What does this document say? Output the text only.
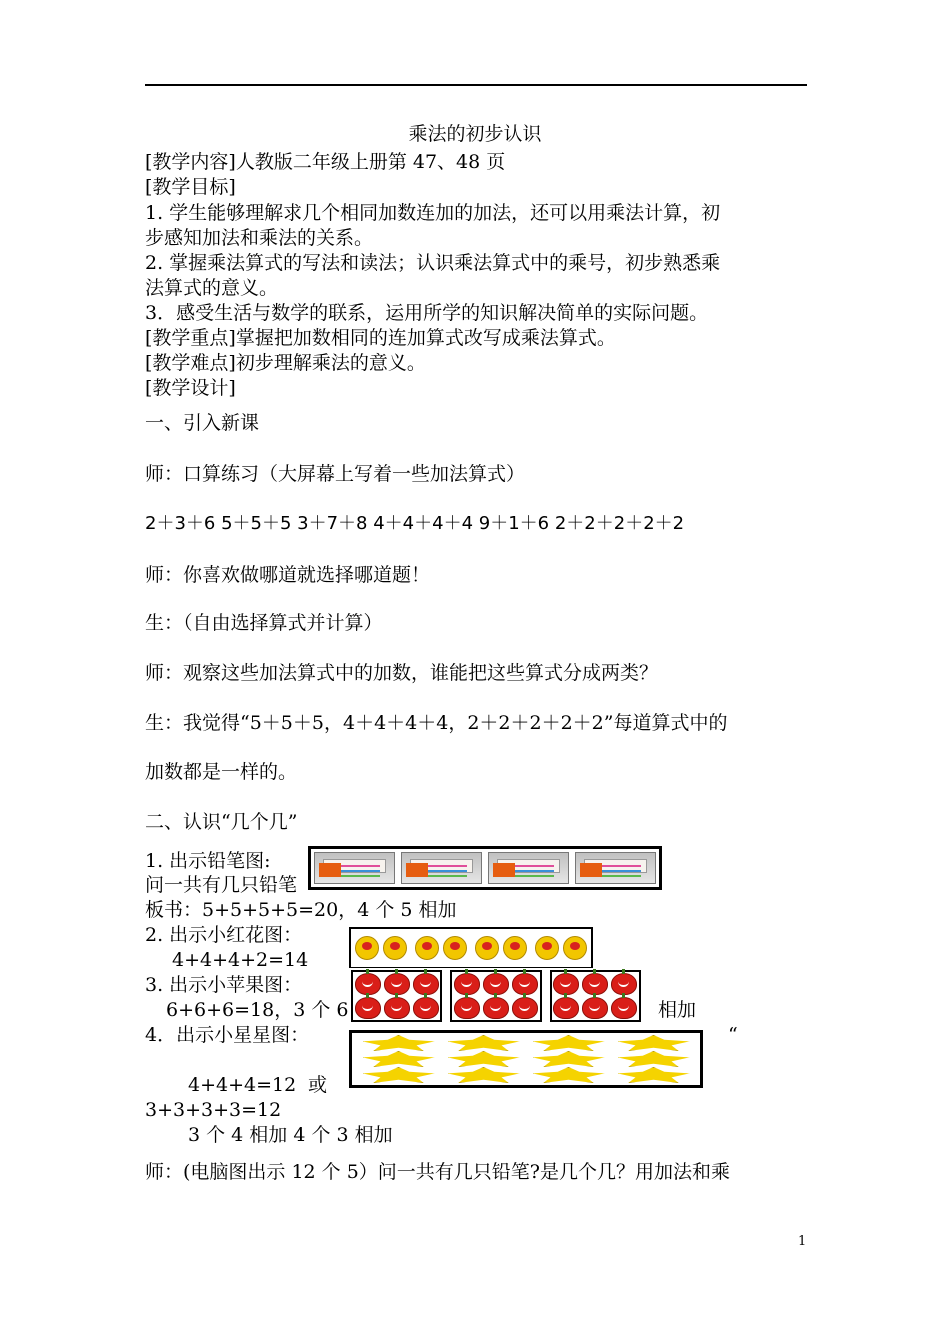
乘法的初步认识
[教学内容]人教版二年级上册第 47、48 页
[教学目标]
1. 学生能够理解求几个相同加数连加的加法，还可以用乘法计算，初
步感知加法和乘法的关系。
2. 掌握乘法算式的写法和读法；认识乘法算式中的乘号，初步熟悉乘
法算式的意义。
3．感受生活与数学的联系，运用所学的知识解决简单的实际问题。
[教学重点]掌握把加数相同的连加算式改写成乘法算式。
[教学难点]初步理解乘法的意义。
[教学设计]
一、引入新课
师：口算练习（大屏幕上写着一些加法算式）
2＋3＋6 5＋5＋5 3＋7＋8 4＋4＋4＋4 9＋1＋6 2＋2＋2＋2＋2
师：你喜欢做哪道就选择哪道题！
生：（自由选择算式并计算）
师：观察这些加法算式中的加数，谁能把这些算式分成两类？
生：我觉得“5＋5＋5，4＋4＋4＋4，2＋2＋2＋2＋2”每道算式中的
加数都是一样的。
二、认识“几个几”
1. 出示铅笔图:
问一共有几只铅笔
板书：5+5+5+5=20，4 个 5 相加
2. 出示小红花图：
4+4+4+2=14
3. 出示小苹果图：
6+6+6=18，3 个 6	相加
4．出示小星星图：	“
4+4+4=12 或
3+3+3+3=12
3 个 4 相加 4 个 3 相加
师：(电脑图出示 12 个 5）问一共有几只铅笔?是几个几？用加法和乘
1
